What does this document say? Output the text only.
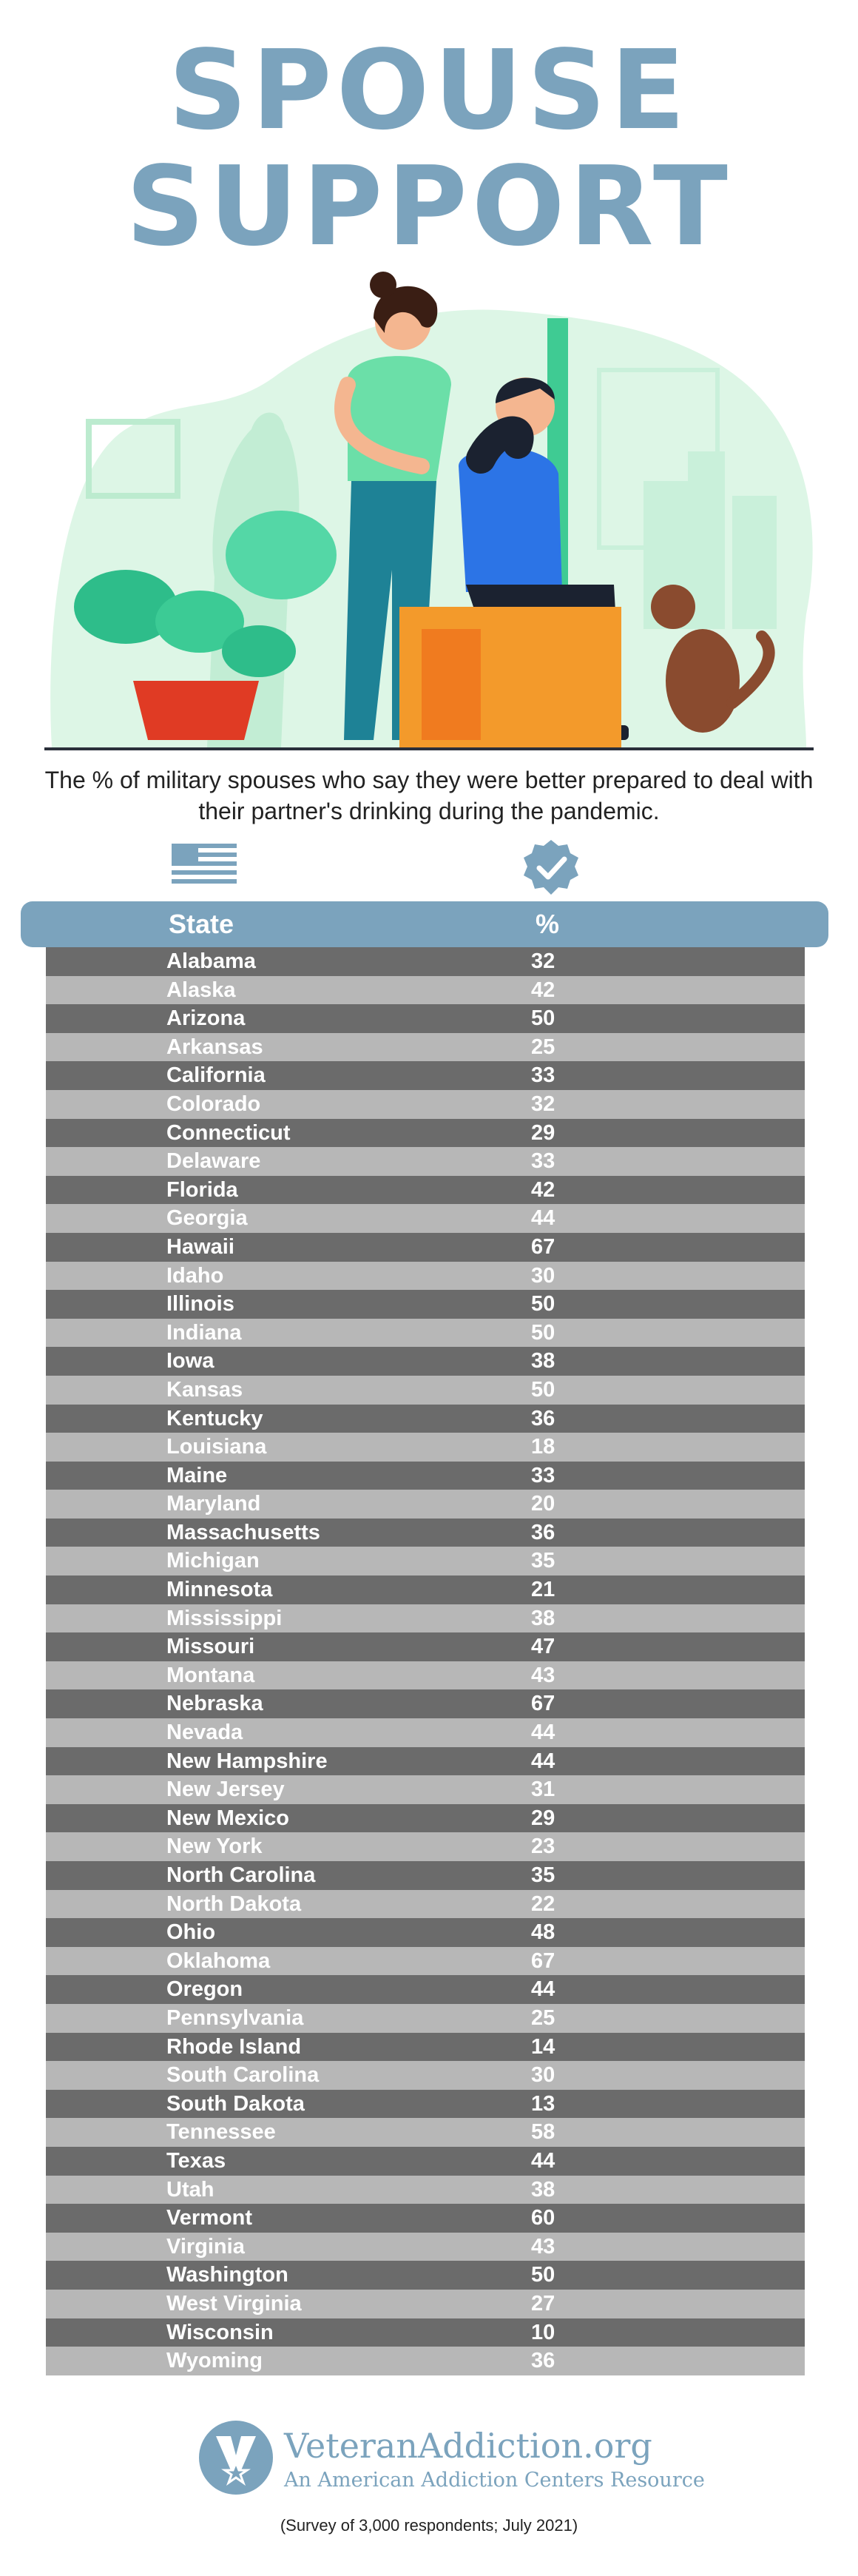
SPOUSE
SUPPORT
The % of military spouses who say they were better prepared to deal with their partner's drinking during the pandemic.
State	%
Alabama	32
Alaska	42
Arizona	50
Arkansas	25
California	33
Colorado	32
Connecticut	29
Delaware	33
Florida	42
Georgia	44
Hawaii	67
Idaho	30
Illinois	50
Indiana	50
Iowa	38
Kansas	50
Kentucky	36
Louisiana	18
Maine	33
Maryland	20
Massachusetts	36
Michigan	35
Minnesota	21
Mississippi	38
Missouri	47
Montana	43
Nebraska	67
Nevada	44
New Hampshire	44
New Jersey	31
New Mexico	29
New York	23
North Carolina	35
North Dakota	22
Ohio	48
Oklahoma	67
Oregon	44
Pennsylvania	25
Rhode Island	14
South Carolina	30
South Dakota	13
Tennessee	58
Texas	44
Utah	38
Vermont	60
Virginia	43
Washington	50
West Virginia	27
Wisconsin	10
Wyoming	36
VeteranAddiction.org
An American Addiction Centers Resource
(Survey of 3,000 respondents; July 2021)
